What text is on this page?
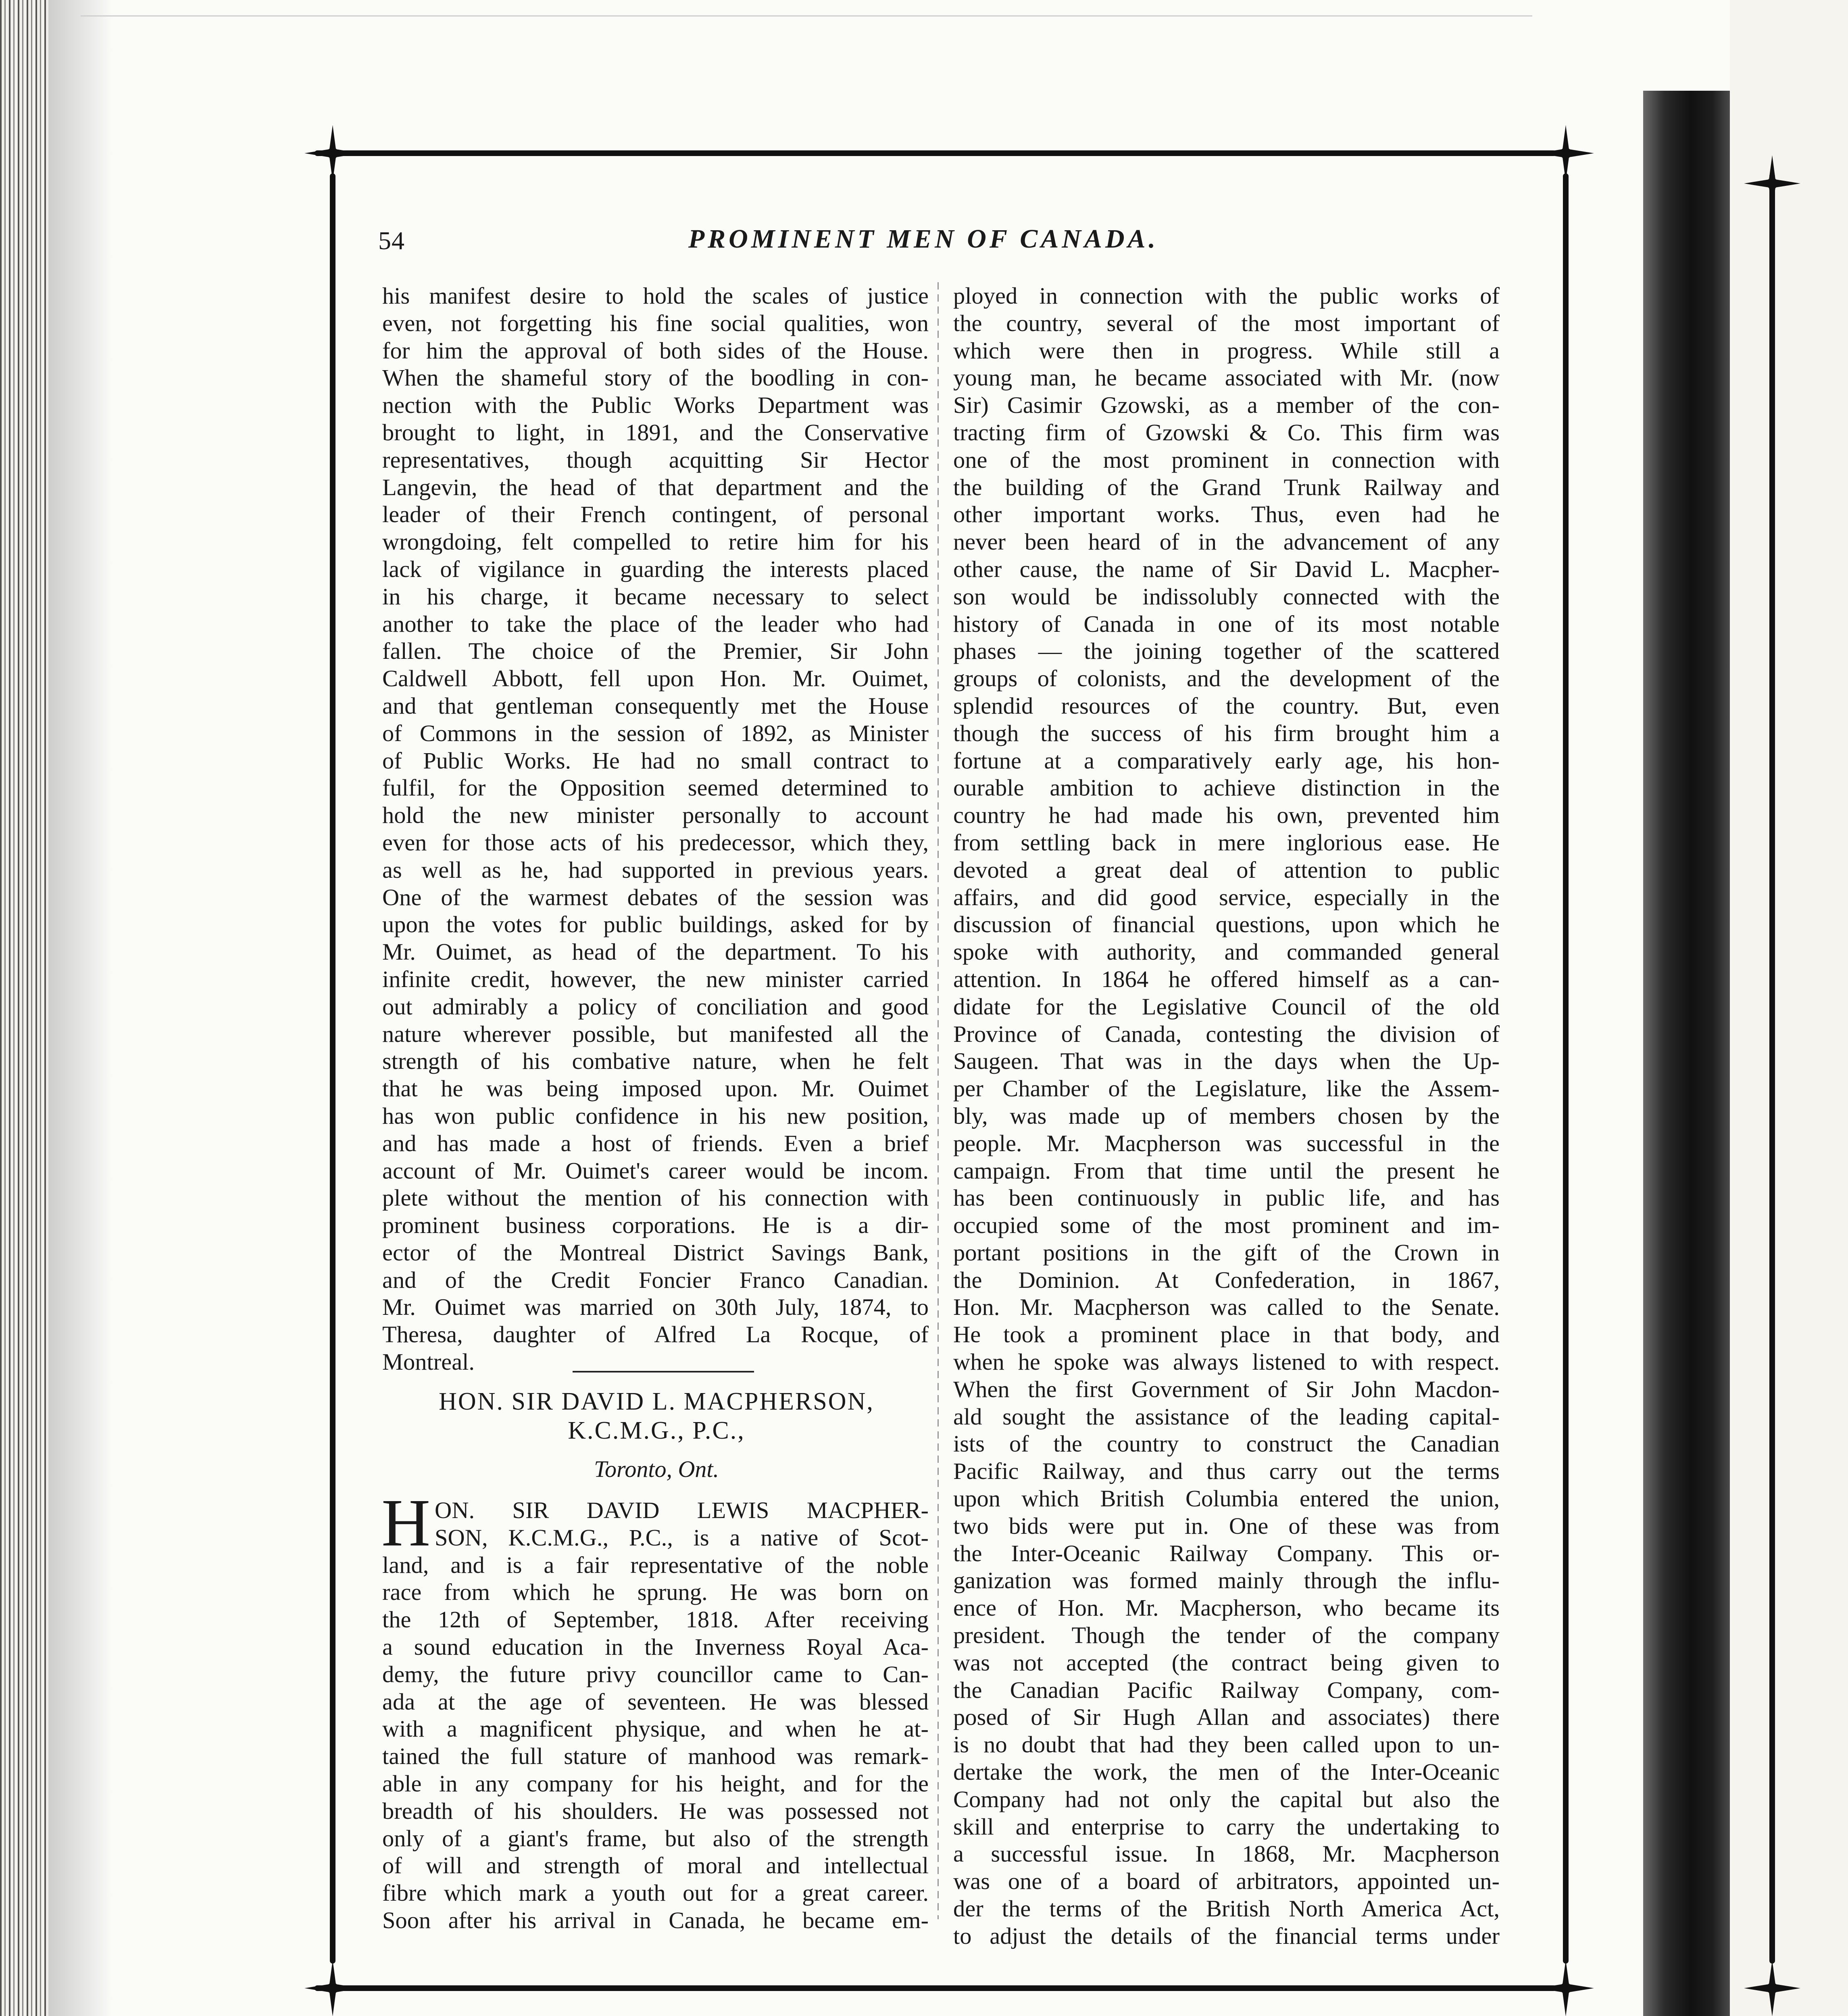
54	PROMINENT MEN OF CANADA.
his manifest desire to hold the scales of justice
even, not forgetting his fine social qualities, won
for him the approval of both sides of the House.
When the shameful story of the boodling in con-
nection with the Public Works Department was
brought to light, in 1891, and the Conservative
representatives, though acquitting Sir Hector
Langevin, the head of that department and the
leader of their French contingent, of personal
wrongdoing, felt compelled to retire him for his
lack of vigilance in guarding the interests placed
in his charge, it became necessary to select
another to take the place of the leader who had
fallen. The choice of the Premier, Sir John
Caldwell Abbott, fell upon Hon. Mr. Ouimet,
and that gentleman consequently met the House
of Commons in the session of 1892, as Minister
of Public Works. He had no small contract to
fulfil, for the Opposition seemed determined to
hold the new minister personally to account
even for those acts of his predecessor, which they,
as well as he, had supported in previous years.
One of the warmest debates of the session was
upon the votes for public buildings, asked for by
Mr. Ouimet, as head of the department. To his
infinite credit, however, the new minister carried
out admirably a policy of conciliation and good
nature wherever possible, but manifested all the
strength of his combative nature, when he felt
that he was being imposed upon. Mr. Ouimet
has won public confidence in his new position,
and has made a host of friends. Even a brief
account of Mr. Ouimet's career would be incom.
plete without the mention of his connection with
prominent business corporations. He is a dir-
ector of the Montreal District Savings Bank,
and of the Credit Foncier Franco Canadian.
Mr. Ouimet was married on 30th July, 1874, to
Theresa, daughter of Alfred La Rocque, of
Montreal.
HON. SIR DAVID L. MACPHERSON,
K.C.M.G., P.C.,
Toronto, Ont.
H ON. SIR DAVID LEWIS MACPHER-
SON, K.C.M.G., P.C., is a native of Scot-
land, and is a fair representative of the noble
race from which he sprung. He was born on
the 12th of September, 1818. After receiving
a sound education in the Inverness Royal Aca-
demy, the future privy councillor came to Can-
ada at the age of seventeen. He was blessed
with a magnificent physique, and when he at-
tained the full stature of manhood was remark-
able in any company for his height, and for the
breadth of his shoulders. He was possessed not
only of a giant's frame, but also of the strength
of will and strength of moral and intellectual
fibre which mark a youth out for a great career.
Soon after his arrival in Canada, he became em-
ployed in connection with the public works of
the country, several of the most important of
which were then in progress. While still a
young man, he became associated with Mr. (now
Sir) Casimir Gzowski, as a member of the con-
tracting firm of Gzowski & Co. This firm was
one of the most prominent in connection with
the building of the Grand Trunk Railway and
other important works. Thus, even had he
never been heard of in the advancement of any
other cause, the name of Sir David L. Macpher-
son would be indissolubly connected with the
history of Canada in one of its most notable
phases — the joining together of the scattered
groups of colonists, and the development of the
splendid resources of the country. But, even
though the success of his firm brought him a
fortune at a comparatively early age, his hon-
ourable ambition to achieve distinction in the
country he had made his own, prevented him
from settling back in mere inglorious ease. He
devoted a great deal of attention to public
affairs, and did good service, especially in the
discussion of financial questions, upon which he
spoke with authority, and commanded general
attention. In 1864 he offered himself as a can-
didate for the Legislative Council of the old
Province of Canada, contesting the division of
Saugeen. That was in the days when the Up-
per Chamber of the Legislature, like the Assem-
bly, was made up of members chosen by the
people. Mr. Macpherson was successful in the
campaign. From that time until the present he
has been continuously in public life, and has
occupied some of the most prominent and im-
portant positions in the gift of the Crown in
the Dominion. At Confederation, in 1867,
Hon. Mr. Macpherson was called to the Senate.
He took a prominent place in that body, and
when he spoke was always listened to with respect.
When the first Government of Sir John Macdon-
ald sought the assistance of the leading capital-
ists of the country to construct the Canadian
Pacific Railway, and thus carry out the terms
upon which British Columbia entered the union,
two bids were put in. One of these was from
the Inter-Oceanic Railway Company. This or-
ganization was formed mainly through the influ-
ence of Hon. Mr. Macpherson, who became its
president. Though the tender of the company
was not accepted (the contract being given to
the Canadian Pacific Railway Company, com-
posed of Sir Hugh Allan and associates) there
is no doubt that had they been called upon to un-
dertake the work, the men of the Inter-Oceanic
Company had not only the capital but also the
skill and enterprise to carry the undertaking to
a successful issue. In 1868, Mr. Macpherson
was one of a board of arbitrators, appointed un-
der the terms of the British North America Act,
to adjust the details of the financial terms under
